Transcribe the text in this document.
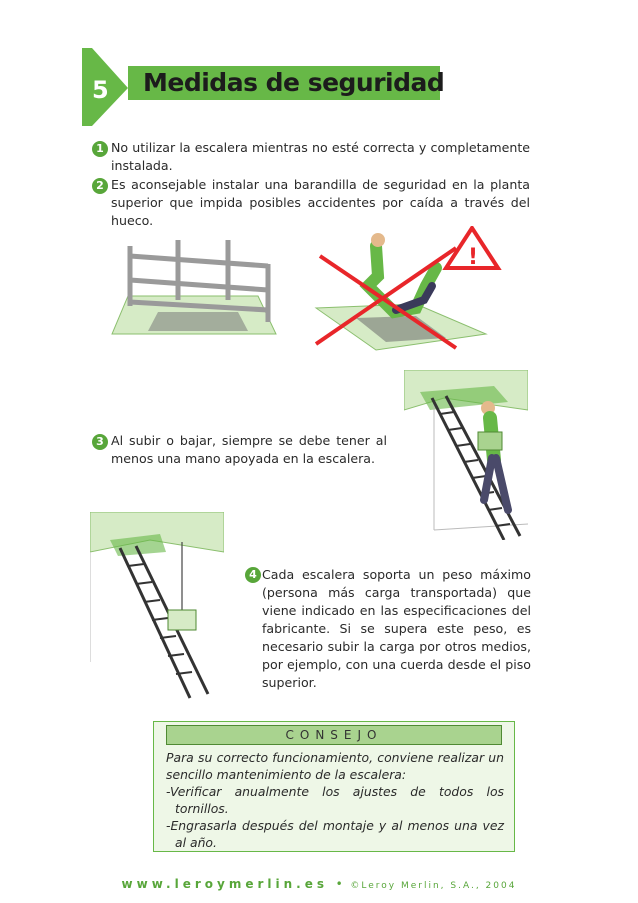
5 Medidas de seguridad
1 No utilizar la escalera mientras no esté correcta y completamente instalada.
2 Es aconsejable instalar una barandilla de seguridad en la planta superior que impida posibles accidentes por caída a través del hueco.
!
3 Al subir o bajar, siempre se debe tener al menos una mano apoyada en la escalera.
4 Cada escalera soporta un peso máximo (persona más carga transportada) que viene indicado en las especificaciones del fabricante. Si se supera este peso, es necesario subir la carga por otros medios, por ejemplo, con una cuerda desde el piso superior.
CONSEJO
Para su correcto funcionamiento, conviene realizar un sencillo mantenimiento de la escalera:
-Verificar anualmente los ajustes de todos los tornillos.
-Engrasarla después del montaje y al menos una vez al año.
www.leroymerlin.es • ©Leroy Merlin, S.A., 2004
